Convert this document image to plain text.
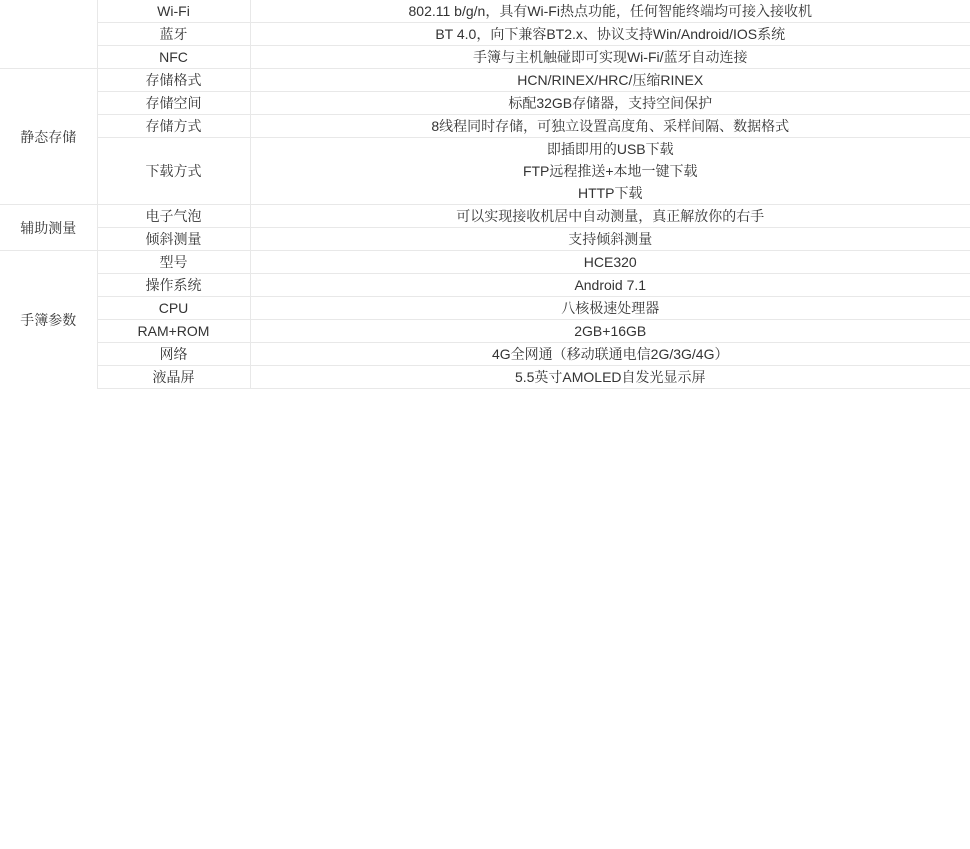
	Wi-Fi	802.11 b/g/n，具有Wi-Fi热点功能，任何智能终端均可接入接收机
	蓝牙	BT 4.0，向下兼容BT2.x、协议支持Win/Android/IOS系统
	NFC	手簿与主机触碰即可实现Wi-Fi/蓝牙自动连接
静态存储	存储格式	HCN/RINEX/HRC/压缩RINEX
	存储空间	标配32GB存储器，支持空间保护
	存储方式	8线程同时存储，可独立设置高度角、采样间隔、数据格式
	下载方式	即插即用的USB下载
FTP远程推送+本地一键下载
HTTP下载
辅助测量	电子气泡	可以实现接收机居中自动测量，真正解放你的右手
	倾斜测量	支持倾斜测量
手簿参数	型号	HCE320
	操作系统	Android 7.1
	CPU	八核极速处理器
	RAM+ROM	2GB+16GB
	网络	4G全网通（移动联通电信2G/3G/4G）
	液晶屏	5.5英寸AMOLED自发光显示屏
